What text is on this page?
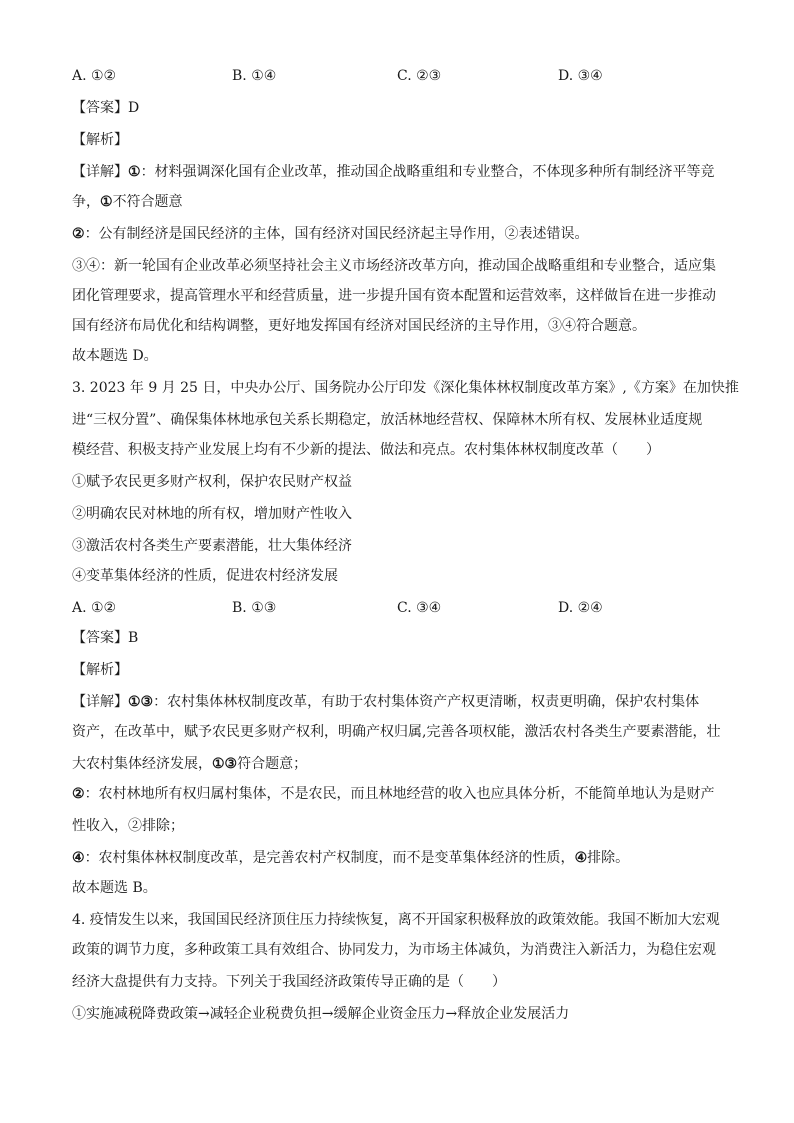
A. ①②	B. ①④	C. ②③	D. ③④
【答案】D
【解析】
【详解】①：材料强调深化国有企业改革，推动国企战略重组和专业整合，不体现多种所有制经济平等竞
争，①不符合题意
②：公有制经济是国民经济的主体，国有经济对国民经济起主导作用，②表述错误。
③④：新一轮国有企业改革必须坚持社会主义市场经济改革方向，推动国企战略重组和专业整合，适应集
团化管理要求，提高管理水平和经营质量，进一步提升国有资本配置和运营效率，这样做旨在进一步推动
国有经济布局优化和结构调整，更好地发挥国有经济对国民经济的主导作用，③④符合题意。
故本题选 D。
3. 2023 年 9 月 25 日，中央办公厅、国务院办公厅印发《深化集体林权制度改革方案》,《方案》在加快推
进“三权分置”、确保集体林地承包关系长期稳定，放活林地经营权、保障林木所有权、发展林业适度规
模经营、积极支持产业发展上均有不少新的提法、做法和亮点。农村集体林权制度改革（　　）
①赋予农民更多财产权利，保护农民财产权益
②明确农民对林地的所有权，增加财产性收入
③激活农村各类生产要素潜能，壮大集体经济
④变革集体经济的性质，促进农村经济发展
A. ①②	B. ①③	C. ③④	D. ②④
【答案】B
【解析】
【详解】①③：农村集体林权制度改革，有助于农村集体资产产权更清晰，权责更明确，保护农村集体
资产，在改革中，赋予农民更多财产权利，明确产权归属,完善各项权能，激活农村各类生产要素潜能，壮
大农村集体经济发展，①③符合题意；
②：农村林地所有权归属村集体，不是农民，而且林地经营的收入也应具体分析，不能简单地认为是财产
性收入，②排除；
④：农村集体林权制度改革，是完善农村产权制度，而不是变革集体经济的性质，④排除。
故本题选 B。
4. 疫情发生以来，我国国民经济顶住压力持续恢复，离不开国家积极释放的政策效能。我国不断加大宏观
政策的调节力度，多种政策工具有效组合、协同发力，为市场主体减负，为消费注入新活力，为稳住宏观
经济大盘提供有力支持。下列关于我国经济政策传导正确的是（　　）
①实施减税降费政策→减轻企业税费负担→缓解企业资金压力→释放企业发展活力
